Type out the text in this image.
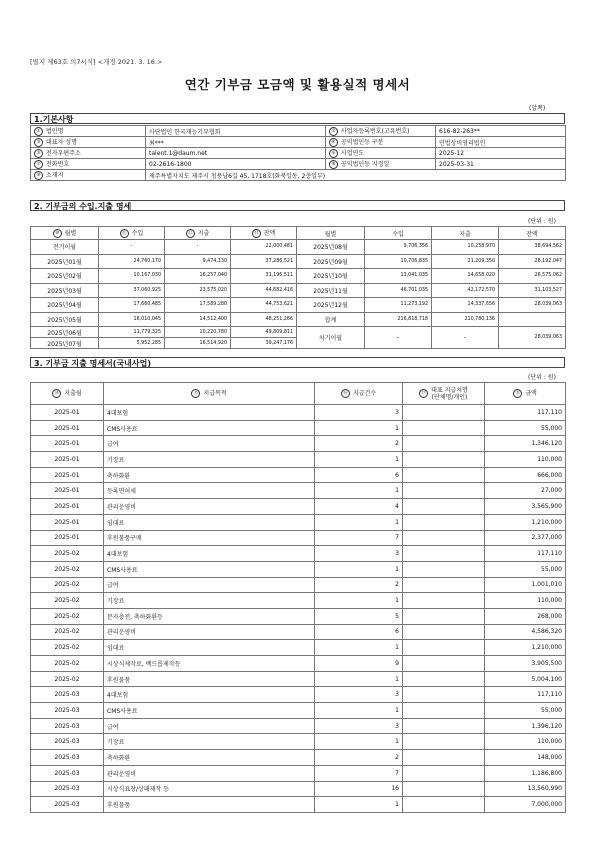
[별지 제63호 의7서식] <개정 2021. 3. 16.>
연간 기부금 모금액 및 활용실적 명세서
(앞쪽)
1.기본사항
① 법인명	사단법인 한국재능기부협회	② 사업자등록번호(고유번호)	616-82-263**
③ 대표자 성명	최***	④ 공익법인등 구분	민법상비영리법인
⑤ 전자우편주소	talent.1@daum.net	⑥ 사업연도	2025-12
⑦ 전화번호	02-2616-1800	⑧ 공익법인등 지정일	2025-03-31
⑨ 소재지	제주특별자치도 제주시 청풍남6길 45, 1718호(화북일동, 2층일부)		
2. 기부금의 수입.지출 명세
(단위 : 원)
⑩ 월별	⑪ 수입	⑫ 지출	⑬ 잔액	월별	수입	지출	잔액
전기이월	-	-	22,000,481	2025년08월	9,706,356	10,258,970	38,694,562
2025년01월	24,760,170	9,474,130	37,286,521	2025년09월	10,706,835	21,209,350	28,192,047
2025년02월	10,167,030	16,257,040	31,196,511	2025년10월	13,041,035	14,658,020	26,575,062
2025년03월	37,060,925	23,575,020	44,682,416	2025년11월	46,701,035	42,172,570	31,103,527
2025년04월	17,660,485	17,589,280	44,753,621	2025년12월	11,273,192	14,337,656	28,039,063
2025년05월	18,010,045	14,512,400	48,251,266	합계	216,818,718	210,780,136	
2025년06월	11,779,325	10,220,780	49,809,811	차기이월	-	-	28,039,063
2025년07월	5,952,285	16,514,920	39,247,176				
3. 기부금 지출 명세서(국내사업)
(단위 : 원)
⑭ 지출월	⑮ 지급목적	⑯ 지급건수	⑰ 대표 지급처명
(단체명/개인)	⑱ 금액
2025-01	4대보험	3		117,110
2025-01	CMS사용료	1		55,000
2025-01	급여	2		1,346,120
2025-01	기장료	1		110,000
2025-01	축하화환	6		666,000
2025-01	등록면허세	1		27,000
2025-01	관리운영비	4		3,565,900
2025-01	임대료	1		1,210,000
2025-01	후원물품구매	7		2,377,000
2025-02	4대보험	3		117,110
2025-02	CMS사용료	1		55,000
2025-02	급여	2		1,001,010
2025-02	기장료	1		110,000
2025-02	문자충전, 축하화환등	5		268,000
2025-02	관리운영비	6		4,586,320
2025-02	임대료	1		1,210,000
2025-02	시상식제작료, 백드롭제작등	9		3,905,500
2025-02	후원물품	1		5,004,100
2025-03	4대보험	3		117,110
2025-03	CMS사용료	1		55,000
2025-03	급여	3		1,396,120
2025-03	기장료	1		110,000
2025-03	축하화환	2		148,000
2025-03	관리운영비	7		1,186,800
2025-03	시상식표창/상패제작 등	16		13,560,990
2025-03	후원물품	1		7,000,000
